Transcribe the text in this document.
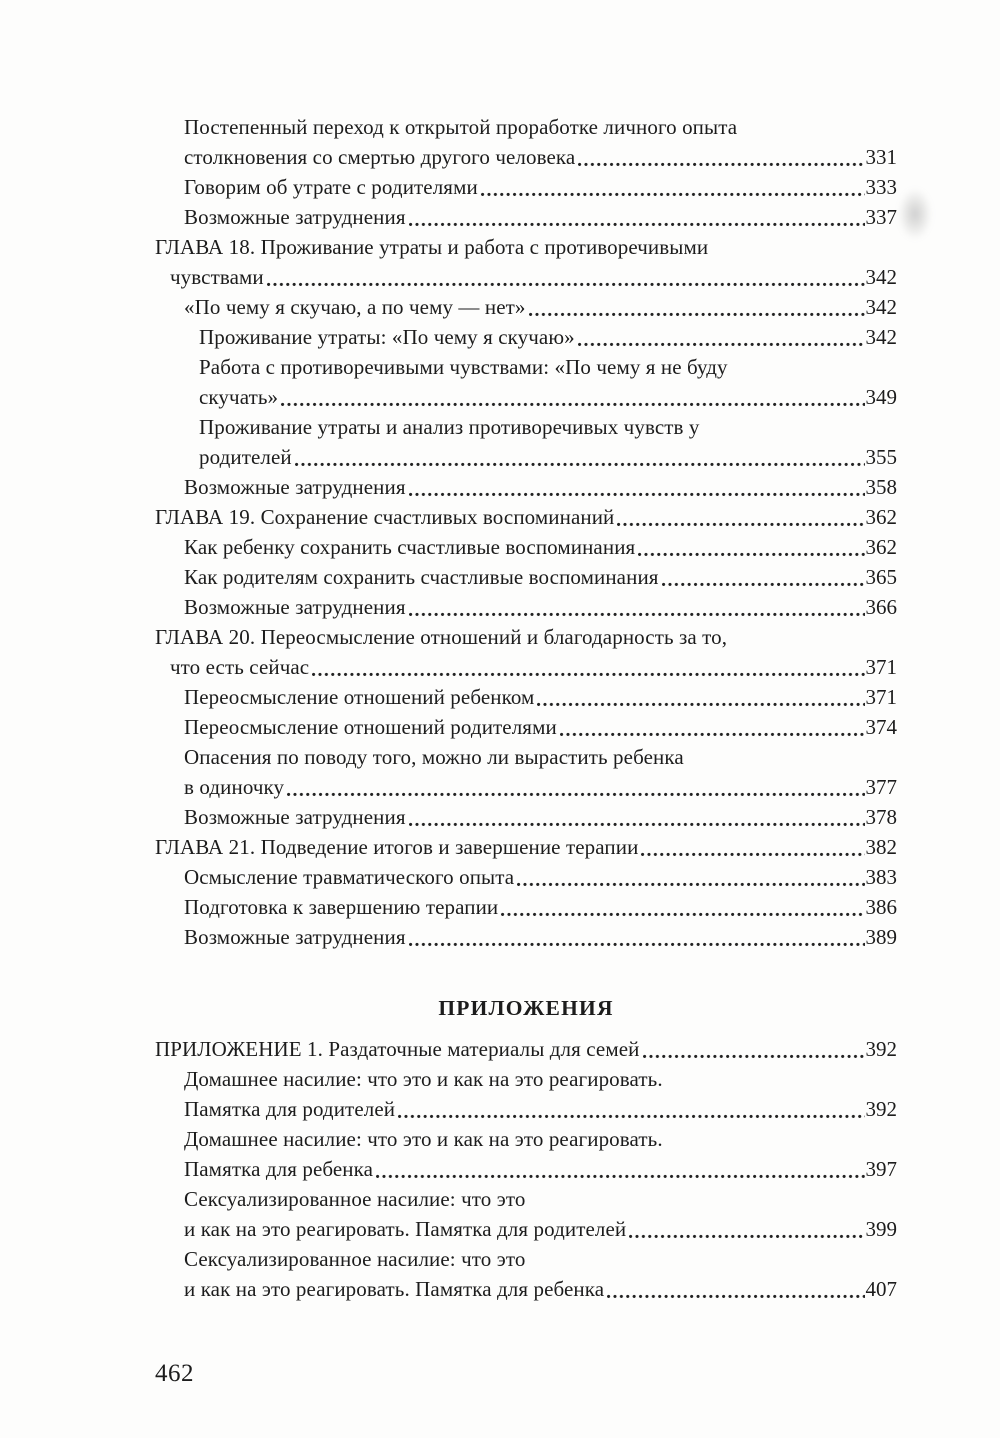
Постепенный переход к открытой проработке личного опыта
столкновения со смертью другого человека	331
Говорим об утрате с родителями	333
Возможные затруднения	337
ГЛАВА 18. Проживание утраты и работа с противоречивыми
чувствами	342
«По чему я скучаю, а по чему — нет»	342
Проживание утраты: «По чему я скучаю»	342
Работа с противоречивыми чувствами: «По чему я не буду
скучать»	349
Проживание утраты и анализ противоречивых чувств у
родителей	355
Возможные затруднения	358
ГЛАВА 19. Сохранение счастливых воспоминаний	362
Как ребенку сохранить счастливые воспоминания	362
Как родителям сохранить счастливые воспоминания	365
Возможные затруднения	366
ГЛАВА 20. Переосмысление отношений и благодарность за то,
что есть сейчас	371
Переосмысление отношений ребенком	371
Переосмысление отношений родителями	374
Опасения по поводу того, можно ли вырастить ребенка
в одиночку	377
Возможные затруднения	378
ГЛАВА 21. Подведение итогов и завершение терапии	382
Осмысление травматического опыта	383
Подготовка к завершению терапии	386
Возможные затруднения	389
ПРИЛОЖЕНИЯ
ПРИЛОЖЕНИЕ 1. Раздаточные материалы для семей	392
Домашнее насилие: что это и как на это реагировать.
Памятка для родителей	392
Домашнее насилие: что это и как на это реагировать.
Памятка для ребенка	397
Сексуализированное насилие: что это
и как на это реагировать. Памятка для родителей	399
Сексуализированное насилие: что это
и как на это реагировать. Памятка для ребенка	407
462
